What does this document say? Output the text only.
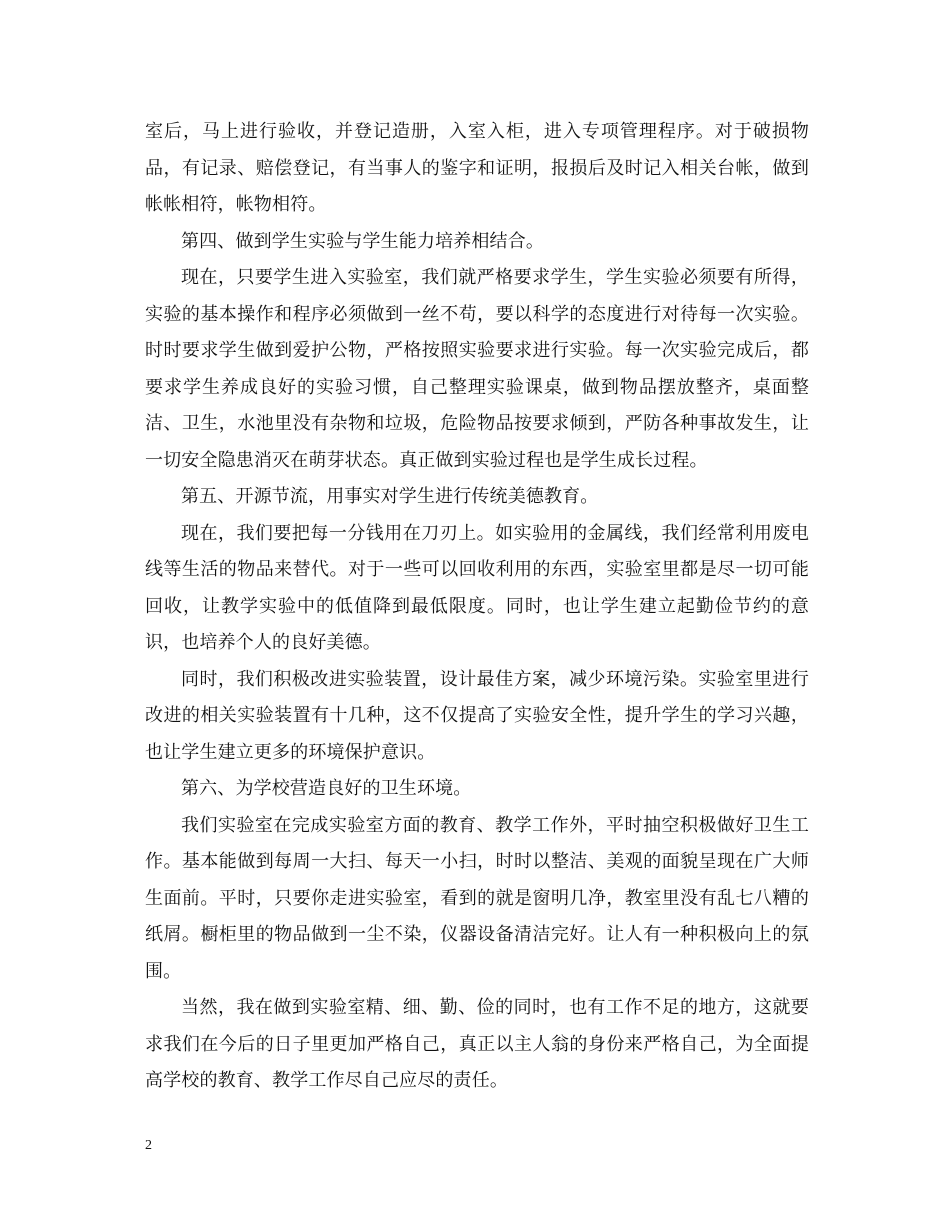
室后，马上进行验收，并登记造册，入室入柜，进入专项管理程序。对于破损物品，有记录、赔偿登记，有当事人的鉴字和证明，报损后及时记入相关台帐，做到帐帐相符，帐物相符。

第四、做到学生实验与学生能力培养相结合。

现在，只要学生进入实验室，我们就严格要求学生，学生实验必须要有所得，实验的基本操作和程序必须做到一丝不苟，要以科学的态度进行对待每一次实验。时时要求学生做到爱护公物，严格按照实验要求进行实验。每一次实验完成后，都要求学生养成良好的实验习惯，自己整理实验课桌，做到物品摆放整齐，桌面整洁、卫生，水池里没有杂物和垃圾，危险物品按要求倾到，严防各种事故发生，让一切安全隐患消灭在萌芽状态。真正做到实验过程也是学生成长过程。

第五、开源节流，用事实对学生进行传统美德教育。

现在，我们要把每一分钱用在刀刃上。如实验用的金属线，我们经常利用废电线等生活的物品来替代。对于一些可以回收利用的东西，实验室里都是尽一切可能回收，让教学实验中的低值降到最低限度。同时，也让学生建立起勤俭节约的意识，也培养个人的良好美德。

同时，我们积极改进实验装置，设计最佳方案，减少环境污染。实验室里进行改进的相关实验装置有十几种，这不仅提高了实验安全性，提升学生的学习兴趣，也让学生建立更多的环境保护意识。

第六、为学校营造良好的卫生环境。

我们实验室在完成实验室方面的教育、教学工作外，平时抽空积极做好卫生工作。基本能做到每周一大扫、每天一小扫，时时以整洁、美观的面貌呈现在广大师生面前。平时，只要你走进实验室，看到的就是窗明几净，教室里没有乱七八糟的纸屑。橱柜里的物品做到一尘不染，仪器设备清洁完好。让人有一种积极向上的氛围。

当然，我在做到实验室精、细、勤、俭的同时，也有工作不足的地方，这就要求我们在今后的日子里更加严格自己，真正以主人翁的身份来严格自己，为全面提高学校的教育、教学工作尽自己应尽的责任。

2
